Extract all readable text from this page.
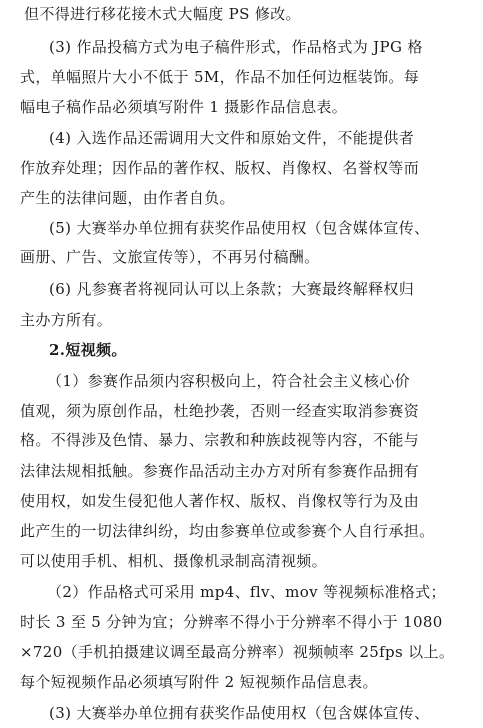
但不得进行移花接木式大幅度 PS 修改。
(3) 作品投稿方式为电子稿件形式，作品格式为 JPG 格
式，单幅照片大小不低于 5M，作品不加任何边框装饰。每
幅电子稿作品必须填写附件 1 摄影作品信息表。
(4) 入选作品还需调用大文件和原始文件，不能提供者
作放弃处理；因作品的著作权、版权、肖像权、名誉权等而
产生的法律问题，由作者自负。
(5) 大赛举办单位拥有获奖作品使用权（包含媒体宣传、
画册、广告、文旅宣传等），不再另付稿酬。
(6) 凡参赛者将视同认可以上条款；大赛最终解释权归
主办方所有。
2.短视频。
（1）参赛作品须内容积极向上，符合社会主义核心价
值观，须为原创作品，杜绝抄袭，否则一经查实取消参赛资
格。不得涉及色情、暴力、宗教和种族歧视等内容，不能与
法律法规相抵触。参赛作品活动主办方对所有参赛作品拥有
使用权，如发生侵犯他人著作权、版权、肖像权等行为及由
此产生的一切法律纠纷，均由参赛单位或参赛个人自行承担。
可以使用手机、相机、摄像机录制高清视频。
（2）作品格式可采用 mp4、flv、mov 等视频标准格式；
时长 3 至 5 分钟为宜；分辨率不得小于分辨率不得小于 1080
×720（手机拍摄建议调至最高分辨率）视频帧率 25fps 以上。
每个短视频作品必须填写附件 2 短视频作品信息表。
(3) 大赛举办单位拥有获奖作品使用权（包含媒体宣传、
